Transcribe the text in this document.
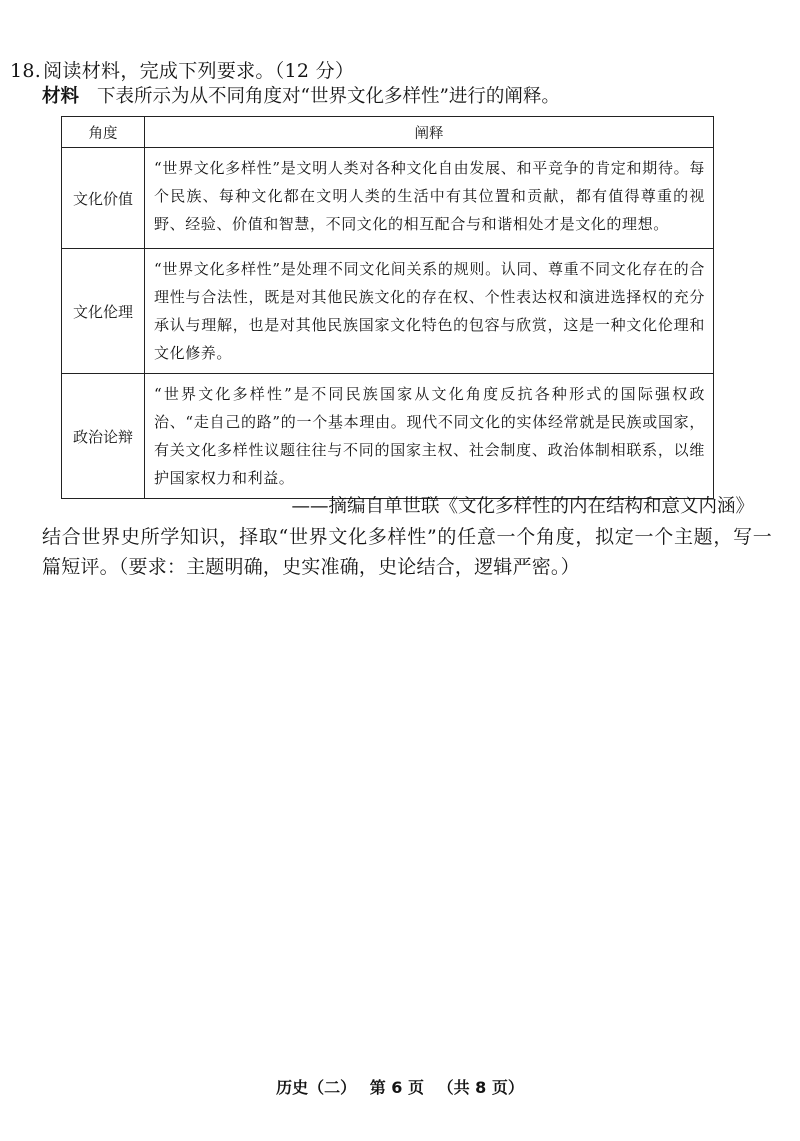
18. 阅读材料，完成下列要求。（12 分）
材料 下表所示为从不同角度对“世界文化多样性”进行的阐释。
角度	阐释
文化价值	“世界文化多样性”是文明人类对各种文化自由发展、和平竞争的肯定和期待。每个民族、每种文化都在文明人类的生活中有其位置和贡献，都有值得尊重的视野、经验、价值和智慧，不同文化的相互配合与和谐相处才是文化的理想。
文化伦理	“世界文化多样性”是处理不同文化间关系的规则。认同、尊重不同文化存在的合理性与合法性，既是对其他民族文化的存在权、个性表达权和演进选择权的充分承认与理解，也是对其他民族国家文化特色的包容与欣赏，这是一种文化伦理和文化修养。
政治论辩	“世界文化多样性”是不同民族国家从文化角度反抗各种形式的国际强权政治、“走自己的路”的一个基本理由。现代不同文化的实体经常就是民族或国家，有关文化多样性议题往往与不同的国家主权、社会制度、政治体制相联系，以维护国家权力和利益。
——摘编自单世联《文化多样性的内在结构和意义内涵》
结合世界史所学知识，择取“世界文化多样性”的任意一个角度，拟定一个主题，写一篇短评。（要求：主题明确，史实准确，史论结合，逻辑严密。）
历史（二） 第 6 页 （共 8 页）
